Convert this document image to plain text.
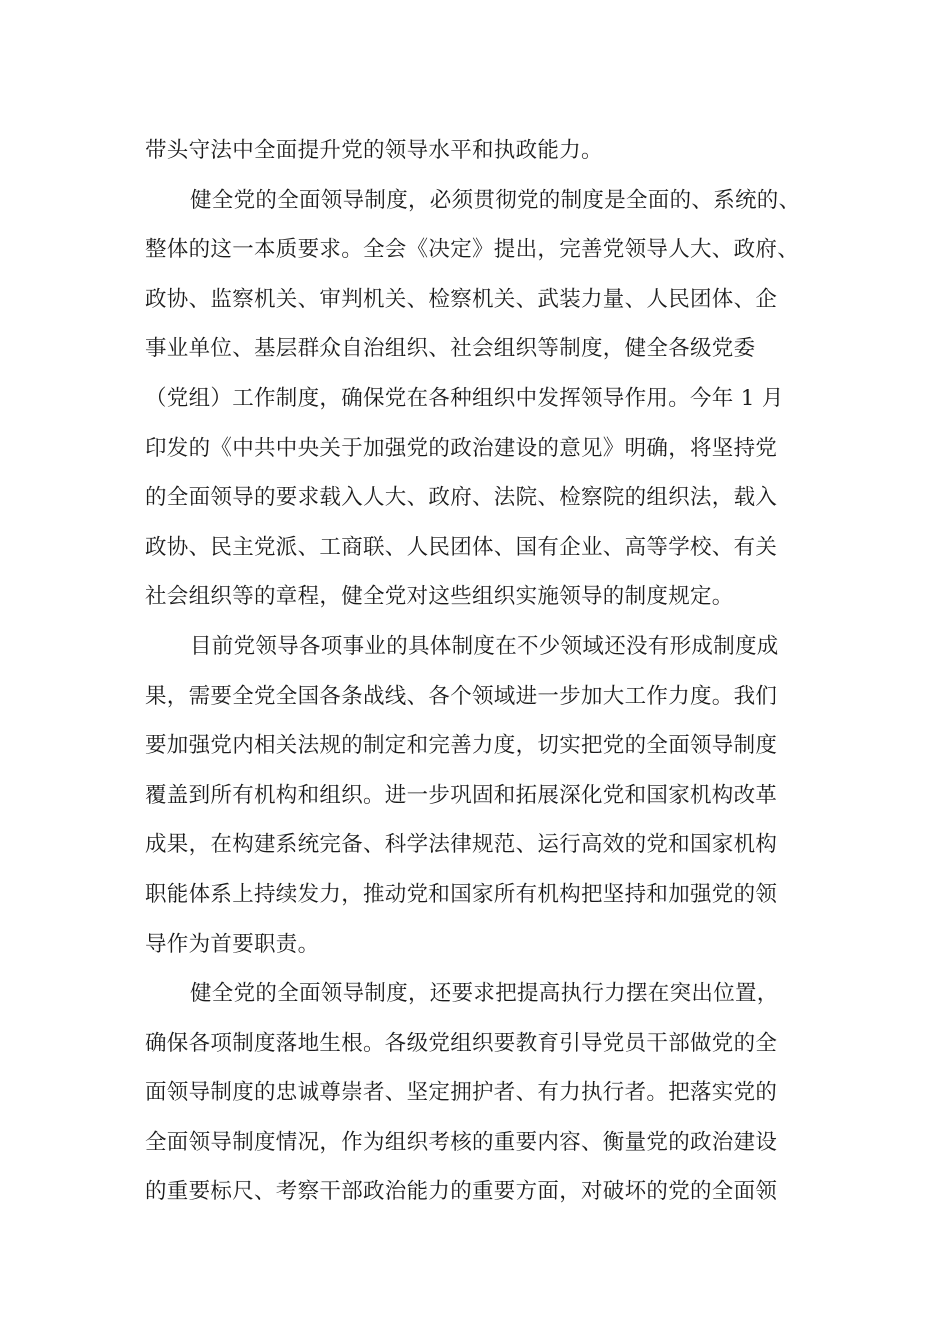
带头守法中全面提升党的领导水平和执政能力。
健全党的全面领导制度，必须贯彻党的制度是全面的、系统的、
整体的这一本质要求。全会《决定》提出，完善党领导人大、政府、
政协、监察机关、审判机关、检察机关、武装力量、人民团体、企
事业单位、基层群众自治组织、社会组织等制度，健全各级党委
（党组）工作制度，确保党在各种组织中发挥领导作用。今年 1 月
印发的《中共中央关于加强党的政治建设的意见》明确，将坚持党
的全面领导的要求载入人大、政府、法院、检察院的组织法，载入
政协、民主党派、工商联、人民团体、国有企业、高等学校、有关
社会组织等的章程，健全党对这些组织实施领导的制度规定。
目前党领导各项事业的具体制度在不少领域还没有形成制度成
果，需要全党全国各条战线、各个领域进一步加大工作力度。我们
要加强党内相关法规的制定和完善力度，切实把党的全面领导制度
覆盖到所有机构和组织。进一步巩固和拓展深化党和国家机构改革
成果，在构建系统完备、科学法律规范、运行高效的党和国家机构
职能体系上持续发力，推动党和国家所有机构把坚持和加强党的领
导作为首要职责。
健全党的全面领导制度，还要求把提高执行力摆在突出位置，
确保各项制度落地生根。各级党组织要教育引导党员干部做党的全
面领导制度的忠诚尊崇者、坚定拥护者、有力执行者。把落实党的
全面领导制度情况，作为组织考核的重要内容、衡量党的政治建设
的重要标尺、考察干部政治能力的重要方面，对破坏的党的全面领
